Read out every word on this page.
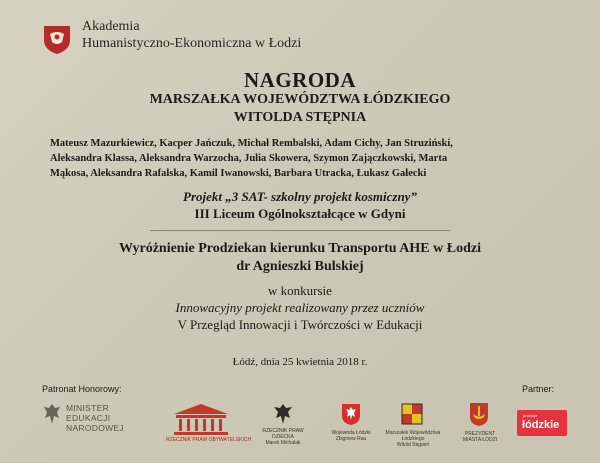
Akademia
Humanistyczno-Ekonomiczna w Łodzi
NAGRODA
MARSZAŁKA WOJEWÓDZTWA ŁÓDZKIEGO
WITOLDA STĘPNIA
Mateusz Mazurkiewicz, Kacper Jańczuk, Michał Rembalski, Adam Cichy, Jan Struziński,
Aleksandra Klassa, Aleksandra Warzocha, Julia Skowera, Szymon Zajączkowski, Marta
Mąkosa, Aleksandra Rafalska, Kamil Iwanowski, Barbara Utracka, Łukasz Gałecki
Projekt „3 SAT- szkolny projekt kosmiczny”
III Liceum Ogólnokształcące w Gdyni
Wyróżnienie Prodziekan kierunku Transportu AHE w Łodzi
dr Agnieszki Bulskiej
w konkursie
Innowacyjny projekt realizowany przez uczniów
V Przegląd Innowacji i Twórczości w Edukacji
Łódź, dnia 25 kwietnia 2018 r.
Patronat Honorowy:	Partner:
MINISTER
EDUKACJI
NARODOWEJ
RZECZNIK PRAW OBYWATELSKICH
RZECZNIK PRAW DZIECKA
Marek Michalak
Wojewoda Łódzki
Zbigniew Rau
Marszałek Województwa Łódzkiego
Witold Stępień
PREZYDENT MIASTA ŁODZI
promuje
łódzkie
